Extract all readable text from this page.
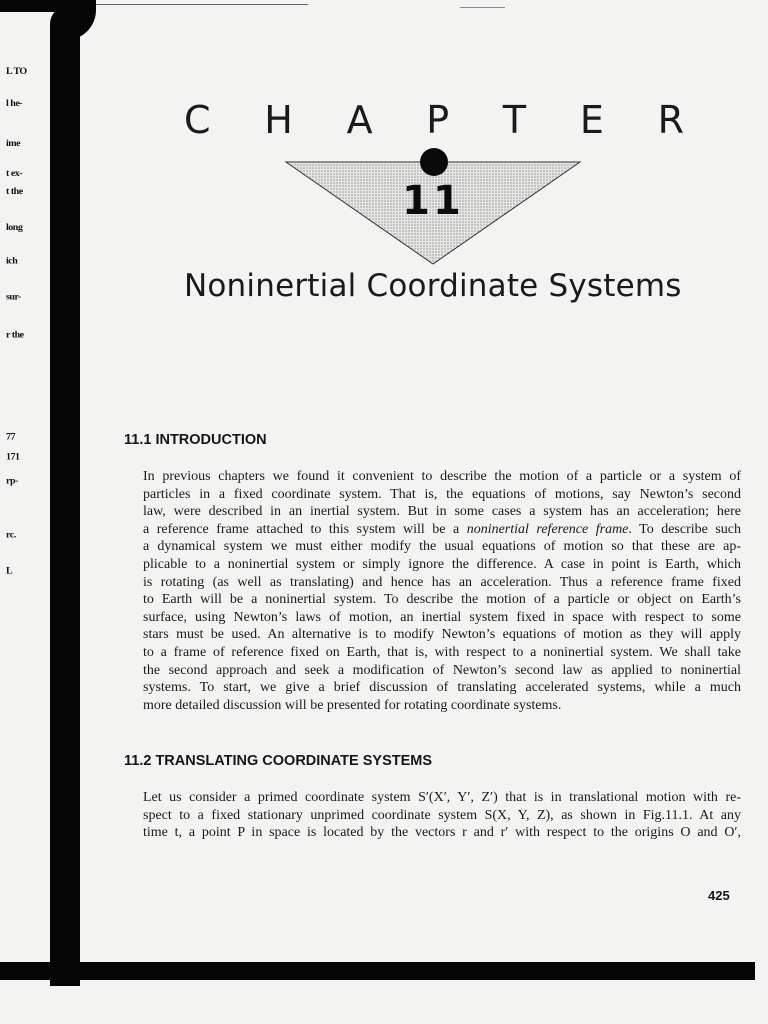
L TO
l he-
ime
t ex-
t the
long
ich
sur-
r the
77
171
rp-
rc.
L
C H A P T E R
11
Noninertial Coordinate Systems
11.1 INTRODUCTION
In previous chapters we found it convenient to describe the motion of a particle or a system of
particles in a fixed coordinate system. That is, the equations of motions, say Newton’s second
law, were described in an inertial system. But in some cases a system has an acceleration; here
a reference frame attached to this system will be a noninertial reference frame. To describe such
a dynamical system we must either modify the usual equations of motion so that these are ap-
plicable to a noninertial system or simply ignore the difference. A case in point is Earth, which
is rotating (as well as translating) and hence has an acceleration. Thus a reference frame fixed
to Earth will be a noninertial system. To describe the motion of a particle or object on Earth’s
surface, using Newton’s laws of motion, an inertial system fixed in space with respect to some
stars must be used. An alternative is to modify Newton’s equations of motion as they will apply
to a frame of reference fixed on Earth, that is, with respect to a noninertial system. We shall take
the second approach and seek a modification of Newton’s second law as applied to noninertial
systems. To start, we give a brief discussion of translating accelerated systems, while a much
more detailed discussion will be presented for rotating coordinate systems.
11.2 TRANSLATING COORDINATE SYSTEMS
Let us consider a primed coordinate system S′(X′, Y′, Z′) that is in translational motion with re-
spect to a fixed stationary unprimed coordinate system S(X, Y, Z), as shown in Fig.11.1. At any
time t, a point P in space is located by the vectors r and r′ with respect to the origins O and O′,
425
